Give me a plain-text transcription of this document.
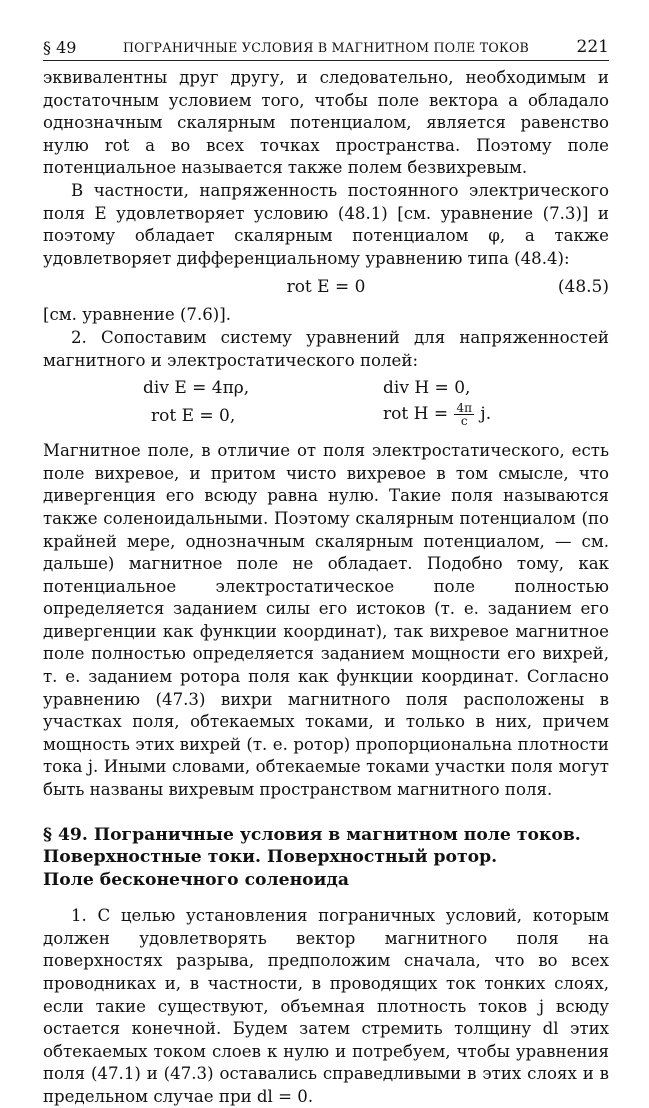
§ 49	ПОГРАНИЧНЫЕ УСЛОВИЯ В МАГНИТНОМ ПОЛЕ ТОКОВ	221

эквивалентны друг другу, и следовательно, необходимым и достаточным условием того, чтобы поле вектора a обладало однозначным скалярным потенциалом, является равенство нулю rot a во всех точках пространства. Поэтому поле потенциальное называется также полем безвихревым.

В частности, напряженность постоянного электрического поля E удовлетворяет условию (48.1) [см. уравнение (7.3)] и поэтому обладает скалярным потенциалом φ, а также удовлетворяет дифференциальному уравнению типа (48.4):

rot E = 0	(48.5)

[см. уравнение (7.6)].

2. Сопоставим систему уравнений для напряженностей магнитного и электростатического полей:

div E = 4πρ,	div H = 0,
rot E = 0,	rot $H = \frac{4\pi}{c} j$.

Магнитное поле, в отличие от поля электростатического, есть поле вихревое, и притом чисто вихревое в том смысле, что дивергенция его всюду равна нулю. Такие поля называются также соленоидальными. Поэтому скалярным потенциалом (по крайней мере, однозначным скалярным потенциалом, — см. дальше) магнитное поле не обладает. Подобно тому, как потенциальное электростатическое поле полностью определяется заданием силы его истоков (т. е. заданием его дивергенции как функции координат), так вихревое магнитное поле полностью определяется заданием мощности его вихрей, т. е. заданием ротора поля как функции координат. Согласно уравнению (47.3) вихри магнитного поля расположены в участках поля, обтекаемых токами, и только в них, причем мощность этих вихрей (т. е. ротор) пропорциональна плотности тока j. Иными словами, обтекаемые токами участки поля могут быть названы вихревым пространством магнитного поля.

§ 49. Пограничные условия в магнитном поле токов.
Поверхностные токи. Поверхностный ротор.
Поле бесконечного соленоида

1. С целью установления пограничных условий, которым должен удовлетворять вектор магнитного поля на поверхностях разрыва, предположим сначала, что во всех проводниках и, в частности, в проводящих ток тонких слоях, если такие существуют, объемная плотность токов j всюду остается конечной. Будем затем стремить толщину dl этих обтекаемых током слоев к нулю и потребуем, чтобы уравнения поля (47.1) и (47.3) оставались справедливыми в этих слоях и в предельном случае при dl = 0.
